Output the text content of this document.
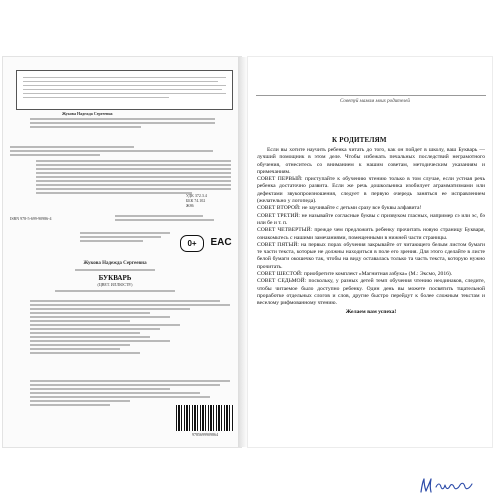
Жукова Надежда Сергеевна
УДК 372.3.4
ББК 74.102
Ж86
ISBN 978-5-699-90986-4
0+	EAC
Жукова Надежда Сергеевна
БУКВАРЬ
(ЦВЕТ. ИЛЛЮСТР.)
9785699909864
Советуй мамам моих родителей
К РОДИТЕЛЯМ

Если вы хотите научить ребенка читать до того, как он пойдет в школу, ваш Букварь — лучший помощник в этом деле. Чтобы избежать печальных последствий неграмотного обучения, отнеситесь со вниманием к нашим советам, методическим указаниям и примечаниям.

СОВЕТ ПЕРВЫЙ: приступайте к обучению чтению только в том случае, если устная речь ребенка достаточно развита. Если же речь дошкольника изобилует аграмматизмами или дефектами звукопроизношения, следует в первую очередь заняться ее исправлением (желательно у логопеда).

СОВЕТ ВТОРОЙ: не заучивайте с детьми сразу все буквы алфавита!

СОВЕТ ТРЕТИЙ: не называйте согласные буквы с призвуком гласных, например сэ или эс, бэ или бе и т. п.

СОВЕТ ЧЕТВЕРТЫЙ: прежде чем предложить ребенку прочитать новую страницу Букваря, ознакомьтесь с нашими замечаниями, помещенными в нижней части страницы.

СОВЕТ ПЯТЫЙ: на первых порах обучения закрывайте от читающего белым листом бумаги те части текста, которые не должны находиться в поле его зрения. Для этого сделайте в листе белой бумаги окошечко так, чтобы на виду оставалась только та часть текста, которую нужно прочитать.

СОВЕТ ШЕСТОЙ: приобретите комплект «Магнитная азбука» (М.: Эксмо, 2016).

СОВЕТ СЕДЬМОЙ: поскольку, у разных детей темп обучения чтению неодинаков, следите, чтобы читаемое было доступно ребенку. Один день вы можете посвятить тщательной проработке отдельных слогов и слов, другие быстро перейдут к более сложным текстам и веселому рифмованному чтению.

Желаем вам успеха!
